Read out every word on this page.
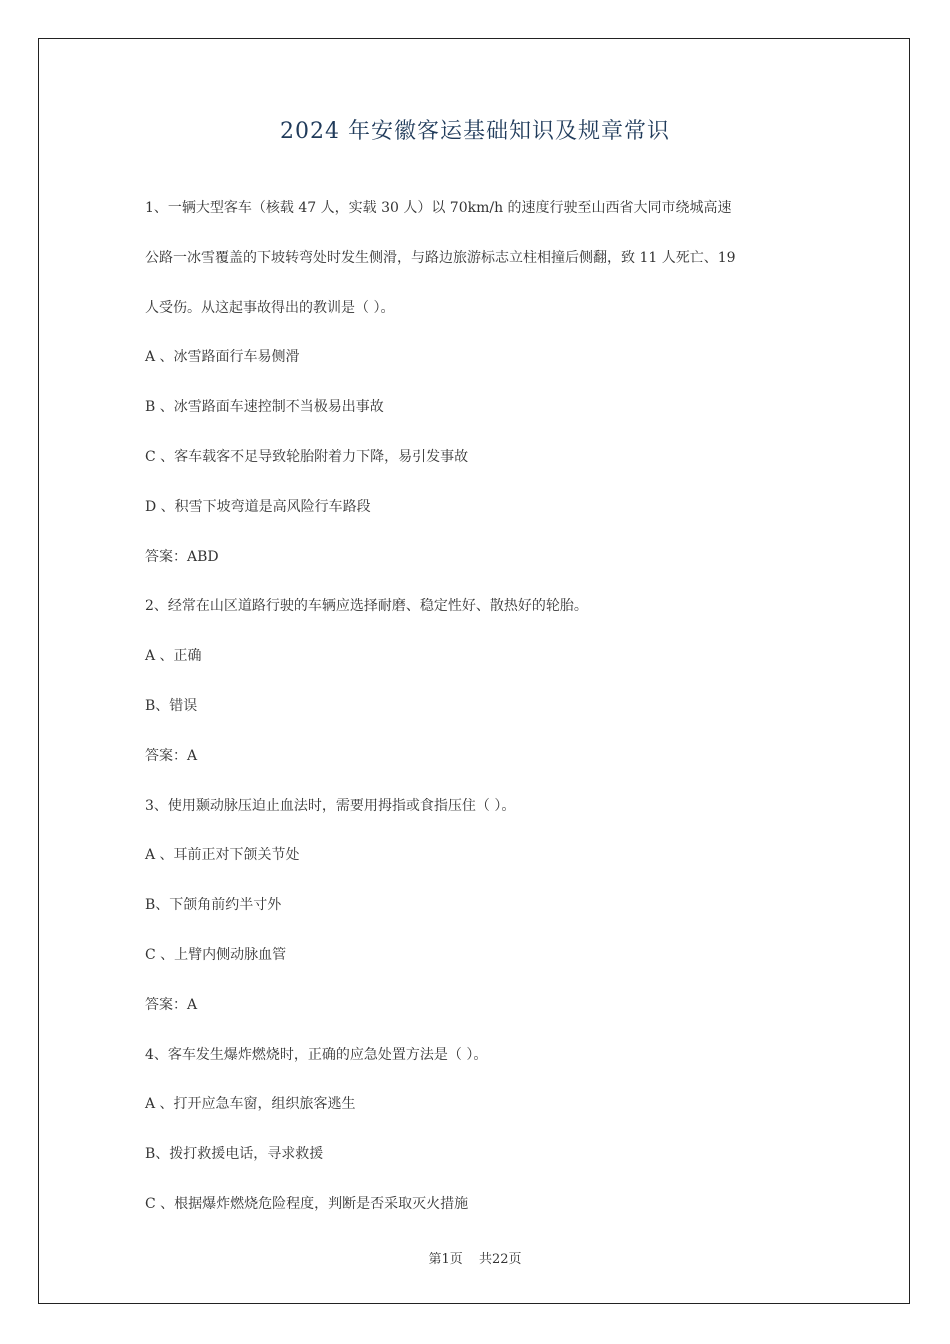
2024 年安徽客运基础知识及规章常识
1、一辆大型客车（核载 47 人，实载 30 人）以 70km/h 的速度行驶至山西省大同市绕城高速
公路一冰雪覆盖的下坡转弯处时发生侧滑，与路边旅游标志立柱相撞后侧翻，致 11 人死亡、19
人受伤。从这起事故得出的教训是（ ）。
A 、冰雪路面行车易侧滑
B 、冰雪路面车速控制不当极易出事故
C 、客车载客不足导致轮胎附着力下降，易引发事故
D 、积雪下坡弯道是高风险行车路段
答案：ABD
2、经常在山区道路行驶的车辆应选择耐磨、稳定性好、散热好的轮胎。
A 、正确
B、错误
答案：A
3、使用颞动脉压迫止血法时，需要用拇指或食指压住（ ）。
A 、耳前正对下颌关节处
B、下颌角前约半寸外
C 、上臂内侧动脉血管
答案：A
4、客车发生爆炸燃烧时，正确的应急处置方法是（ ）。
A 、打开应急车窗，组织旅客逃生
B、拨打救援电话，寻求救援
C 、根据爆炸燃烧危险程度，判断是否采取灭火措施
第1页 共22页
